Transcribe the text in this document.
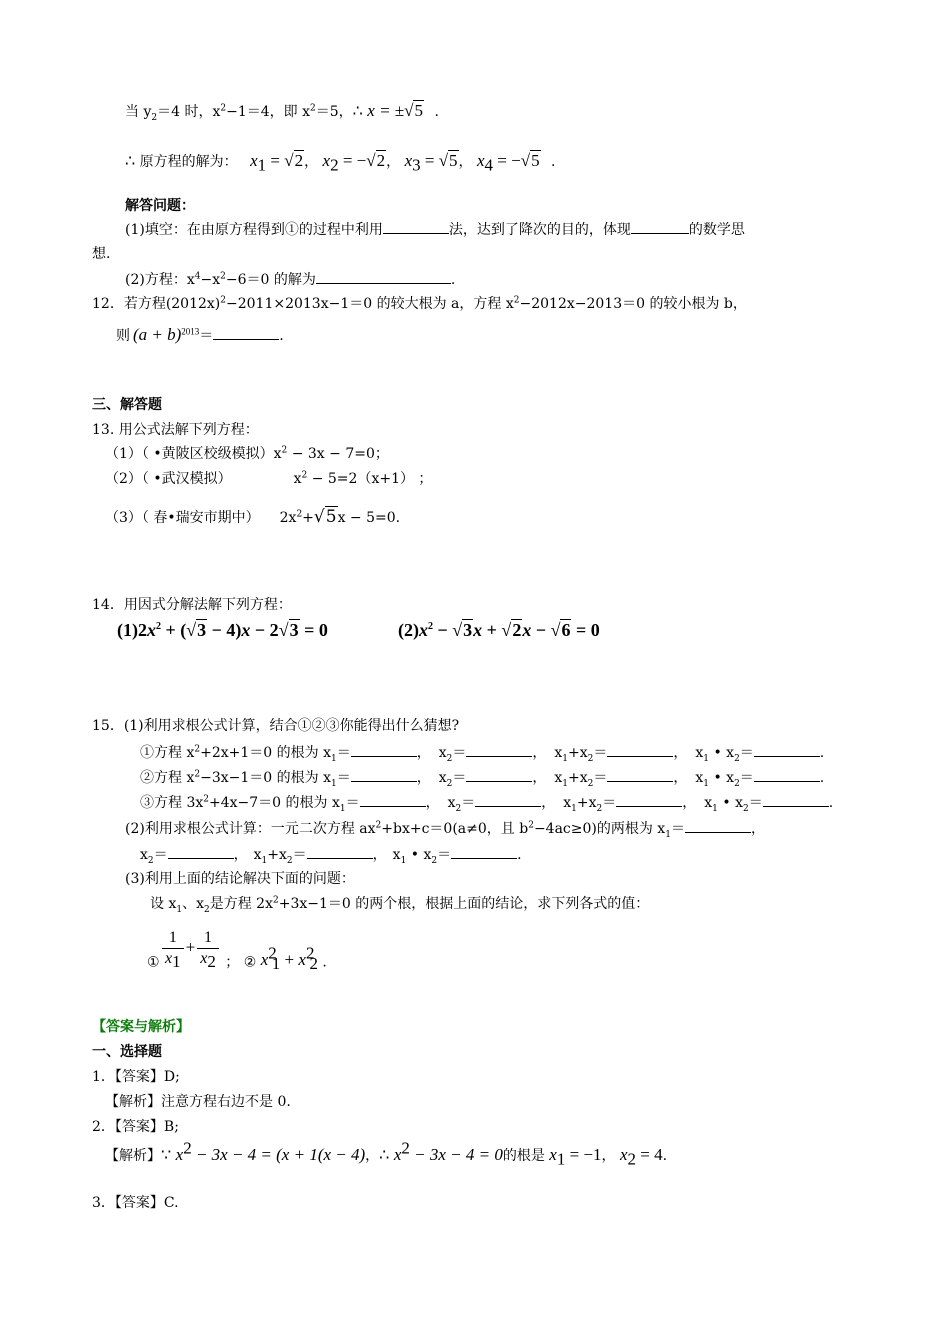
当 $y_2=4$ 时，$x^2-1=4$，即 $x^2=5$，∴ x = ±√5 .
∴ 原方程的解为： $x_1 = √2$， $x_2 = -√2$， $x_3 = √5$， $x_4 = -√5$ .
解答问题：
(1)填空：在由原方程得到①的过程中利用	法，达到了降次的目的，体现	的数学思
想.
(2)方程：$x^4-x^2-6=0$ 的解为	.
12．若方程$(2012x)^2-2011\times 2013x-1=0$ 的较大根为 a，方程 $x^2-2012x-2013=0$ 的较小根为 b，
则 $(a + b)^{2013}=$	.
三、解答题
13. 用公式法解下列方程：
（1）（ •黄陂区校级模拟）$x^2 - 3x - 7=0$；
（2）（ •武汉模拟）	$x^2 - 5=2(x+1)$ ；
（3）（ 春•瑞安市期中） $2x^2+√5x - 5=0$.
14．用因式分解法解下列方程：
$(1)2x^2 + (√3 - 4)x - 2√3 = 0$	$(2)x^2 - √3x + √2x - √6 = 0$
15．(1)利用求根公式计算，结合①②③你能得出什么猜想?
①方程 $x^2+2x+1=0$ 的根为 $x_1=$	， $x_2=$	， $x_1+x_2=$	， $x_1$ • $x_2=$	.
②方程 $x^2-3x-1=0$ 的根为 $x_1=$	， $x_2=$	， $x_1+x_2=$	， $x_1$ • $x_2=$	.
③方程 $3x^2+4x-7=0$ 的根为 $x_1=$	， $x_2=$	， $x_1+x_2=$	， $x_1$ • $x_2=$	.
(2)利用求根公式计算：一元二次方程 $ax^2+bx+c=0(a\ne 0$，且 $b^2-4ac\ge 0$)的两根为 $x_1=$	，
$x_2=$	， $x_1+x_2=$	， $x_1$ • $x_2=$	.
(3)利用上面的结论解决下面的问题：
设 $x_1$、$x_2$是方程 $2x^2+3x-1=0$ 的两个根，根据上面的结论，求下列各式的值：
① $\frac{1}{x_1} + \frac{1}{x_2}$ ； ② $x^2_1 + x^2_2$ .
【答案与解析】
一、选择题
1．【答案】D;
【解析】注意方程右边不是 0.
2．【答案】B;
【解析】∵ $x^2 - 3x - 4 = (x + 1(x - 4)$，∴ $x^2 - 3x - 4 = 0$的根是 $x_1 = -1$， $x_2 = 4$.
3．【答案】C.
